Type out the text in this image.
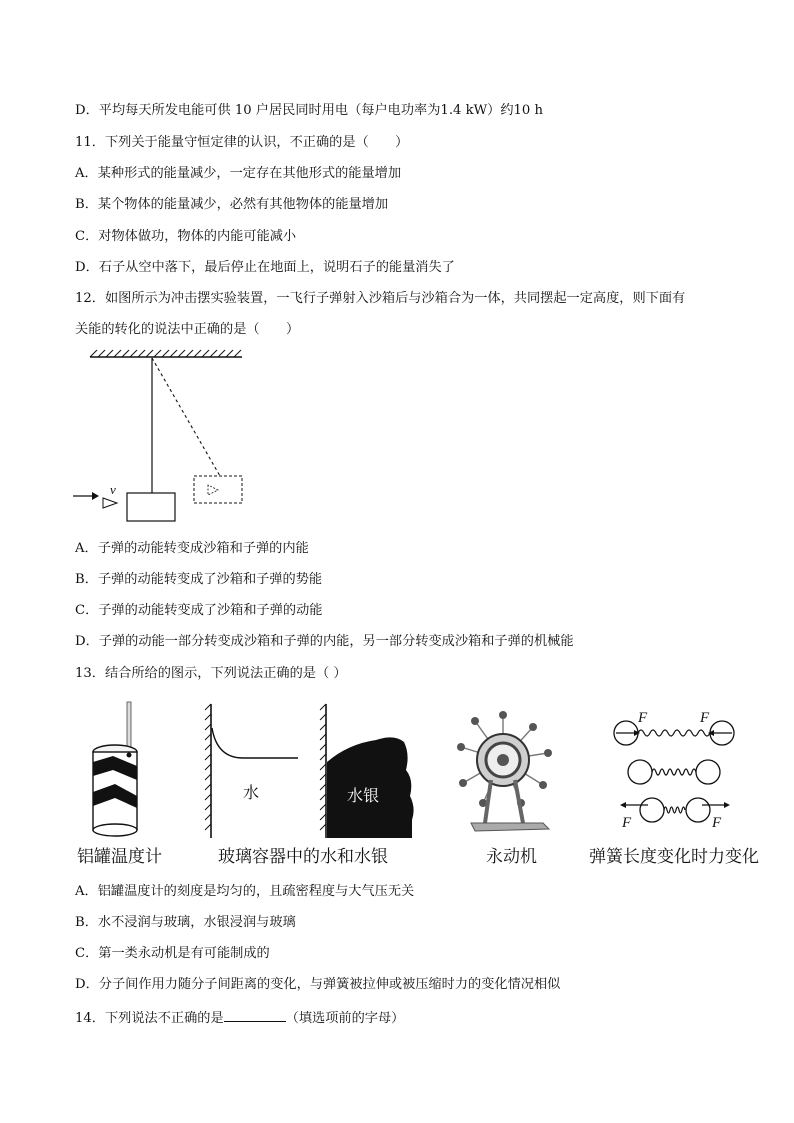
D．平均每天所发电能可供 10 户居民同时用电（每户电功率为1.4 kW）约10 h
11．下列关于能量守恒定律的认识，不正确的是（　　）
A．某种形式的能量减少，一定存在其他形式的能量增加
B．某个物体的能量减少，必然有其他物体的能量增加
C．对物体做功，物体的内能可能减小
D．石子从空中落下，最后停止在地面上，说明石子的能量消失了
12．如图所示为冲击摆实验装置，一飞行子弹射入沙箱后与沙箱合为一体，共同摆起一定高度，则下面有
关能的转化的说法中正确的是（　　）
v
A．子弹的动能转变成沙箱和子弹的内能
B．子弹的动能转变成了沙箱和子弹的势能
C．子弹的动能转变成了沙箱和子弹的动能
D．子弹的动能一部分转变成沙箱和子弹的内能，另一部分转变成沙箱和子弹的机械能
13．结合所给的图示，下列说法正确的是（ ）
水	水银
F	F
F	F
铝罐温度计	玻璃容器中的水和水银	永动机	弹簧长度变化时力变化
A．铝罐温度计的刻度是均匀的，且疏密程度与大气压无关
B．水不浸润与玻璃，水银浸润与玻璃
C．第一类永动机是有可能制成的
D．分子间作用力随分子间距离的变化，与弹簧被拉伸或被压缩时力的变化情况相似
14．下列说法不正确的是	（填选项前的字母）
